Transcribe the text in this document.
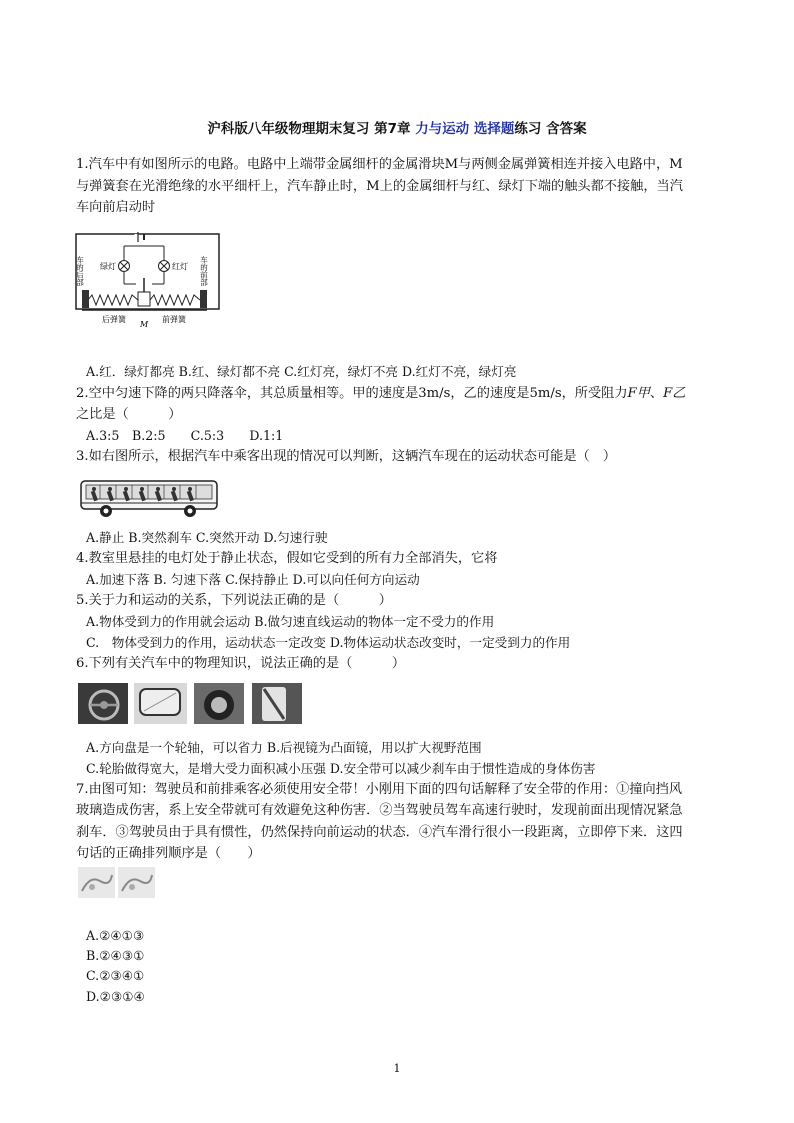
沪科版八年级物理期末复习 第7章 力与运动 选择题练习 含答案
1.汽车中有如图所示的电路。电路中上端带金属细杆的金属滑块M与两侧金属弹簧相连并接入电路中，M
与弹簧套在光滑绝缘的水平细杆上，汽车静止时，M上的金属细杆与红、绿灯下端的触头都不接触，当汽
车向前启动时
车的后部	车的前部
绿灯	红灯
后弹簧	前弹簧
M
A.红．绿灯都亮 B.红、绿灯都不亮 C.红灯亮，绿灯不亮 D.红灯不亮，绿灯亮
2.空中匀速下降的两只降落伞，其总质量相等。甲的速度是3m/s，乙的速度是5m/s，所受阻力F甲、F乙
之比是（　　　）
A.3:5　B.2:5　　C.5:3　　D.1:1
3.如右图所示，根据汽车中乘客出现的情况可以判断，这辆汽车现在的运动状态可能是（　）
A.静止 B.突然刹车 C.突然开动 D.匀速行驶
4.教室里悬挂的电灯处于静止状态，假如它受到的所有力全部消失，它将
A.加速下落 B. 匀速下落 C.保持静止 D.可以向任何方向运动
5.关于力和运动的关系，下列说法正确的是（　　　）
A.物体受到力的作用就会运动 B.做匀速直线运动的物体一定不受力的作用
C.　物体受到力的作用，运动状态一定改变 D.物体运动状态改变时，一定受到力的作用
6.下列有关汽车中的物理知识，说法正确的是（　　　）
A.方向盘是一个轮轴，可以省力 B.后视镜为凸面镜，用以扩大视野范围
C.轮胎做得宽大，是增大受力面积减小压强 D.安全带可以减少刹车由于惯性造成的身体伤害
7.由图可知：驾驶员和前排乘客必须使用安全带！小刚用下面的四句话解释了安全带的作用：①撞向挡风
玻璃造成伤害，系上安全带就可有效避免这种伤害．②当驾驶员驾车高速行驶时，发现前面出现情况紧急
刹车．③驾驶员由于具有惯性，仍然保持向前运动的状态．④汽车滑行很小一段距离，立即停下来．这四
句话的正确排列顺序是（　　）
A.②④①③
B.②④③①
C.②③④①
D.②③①④
1
